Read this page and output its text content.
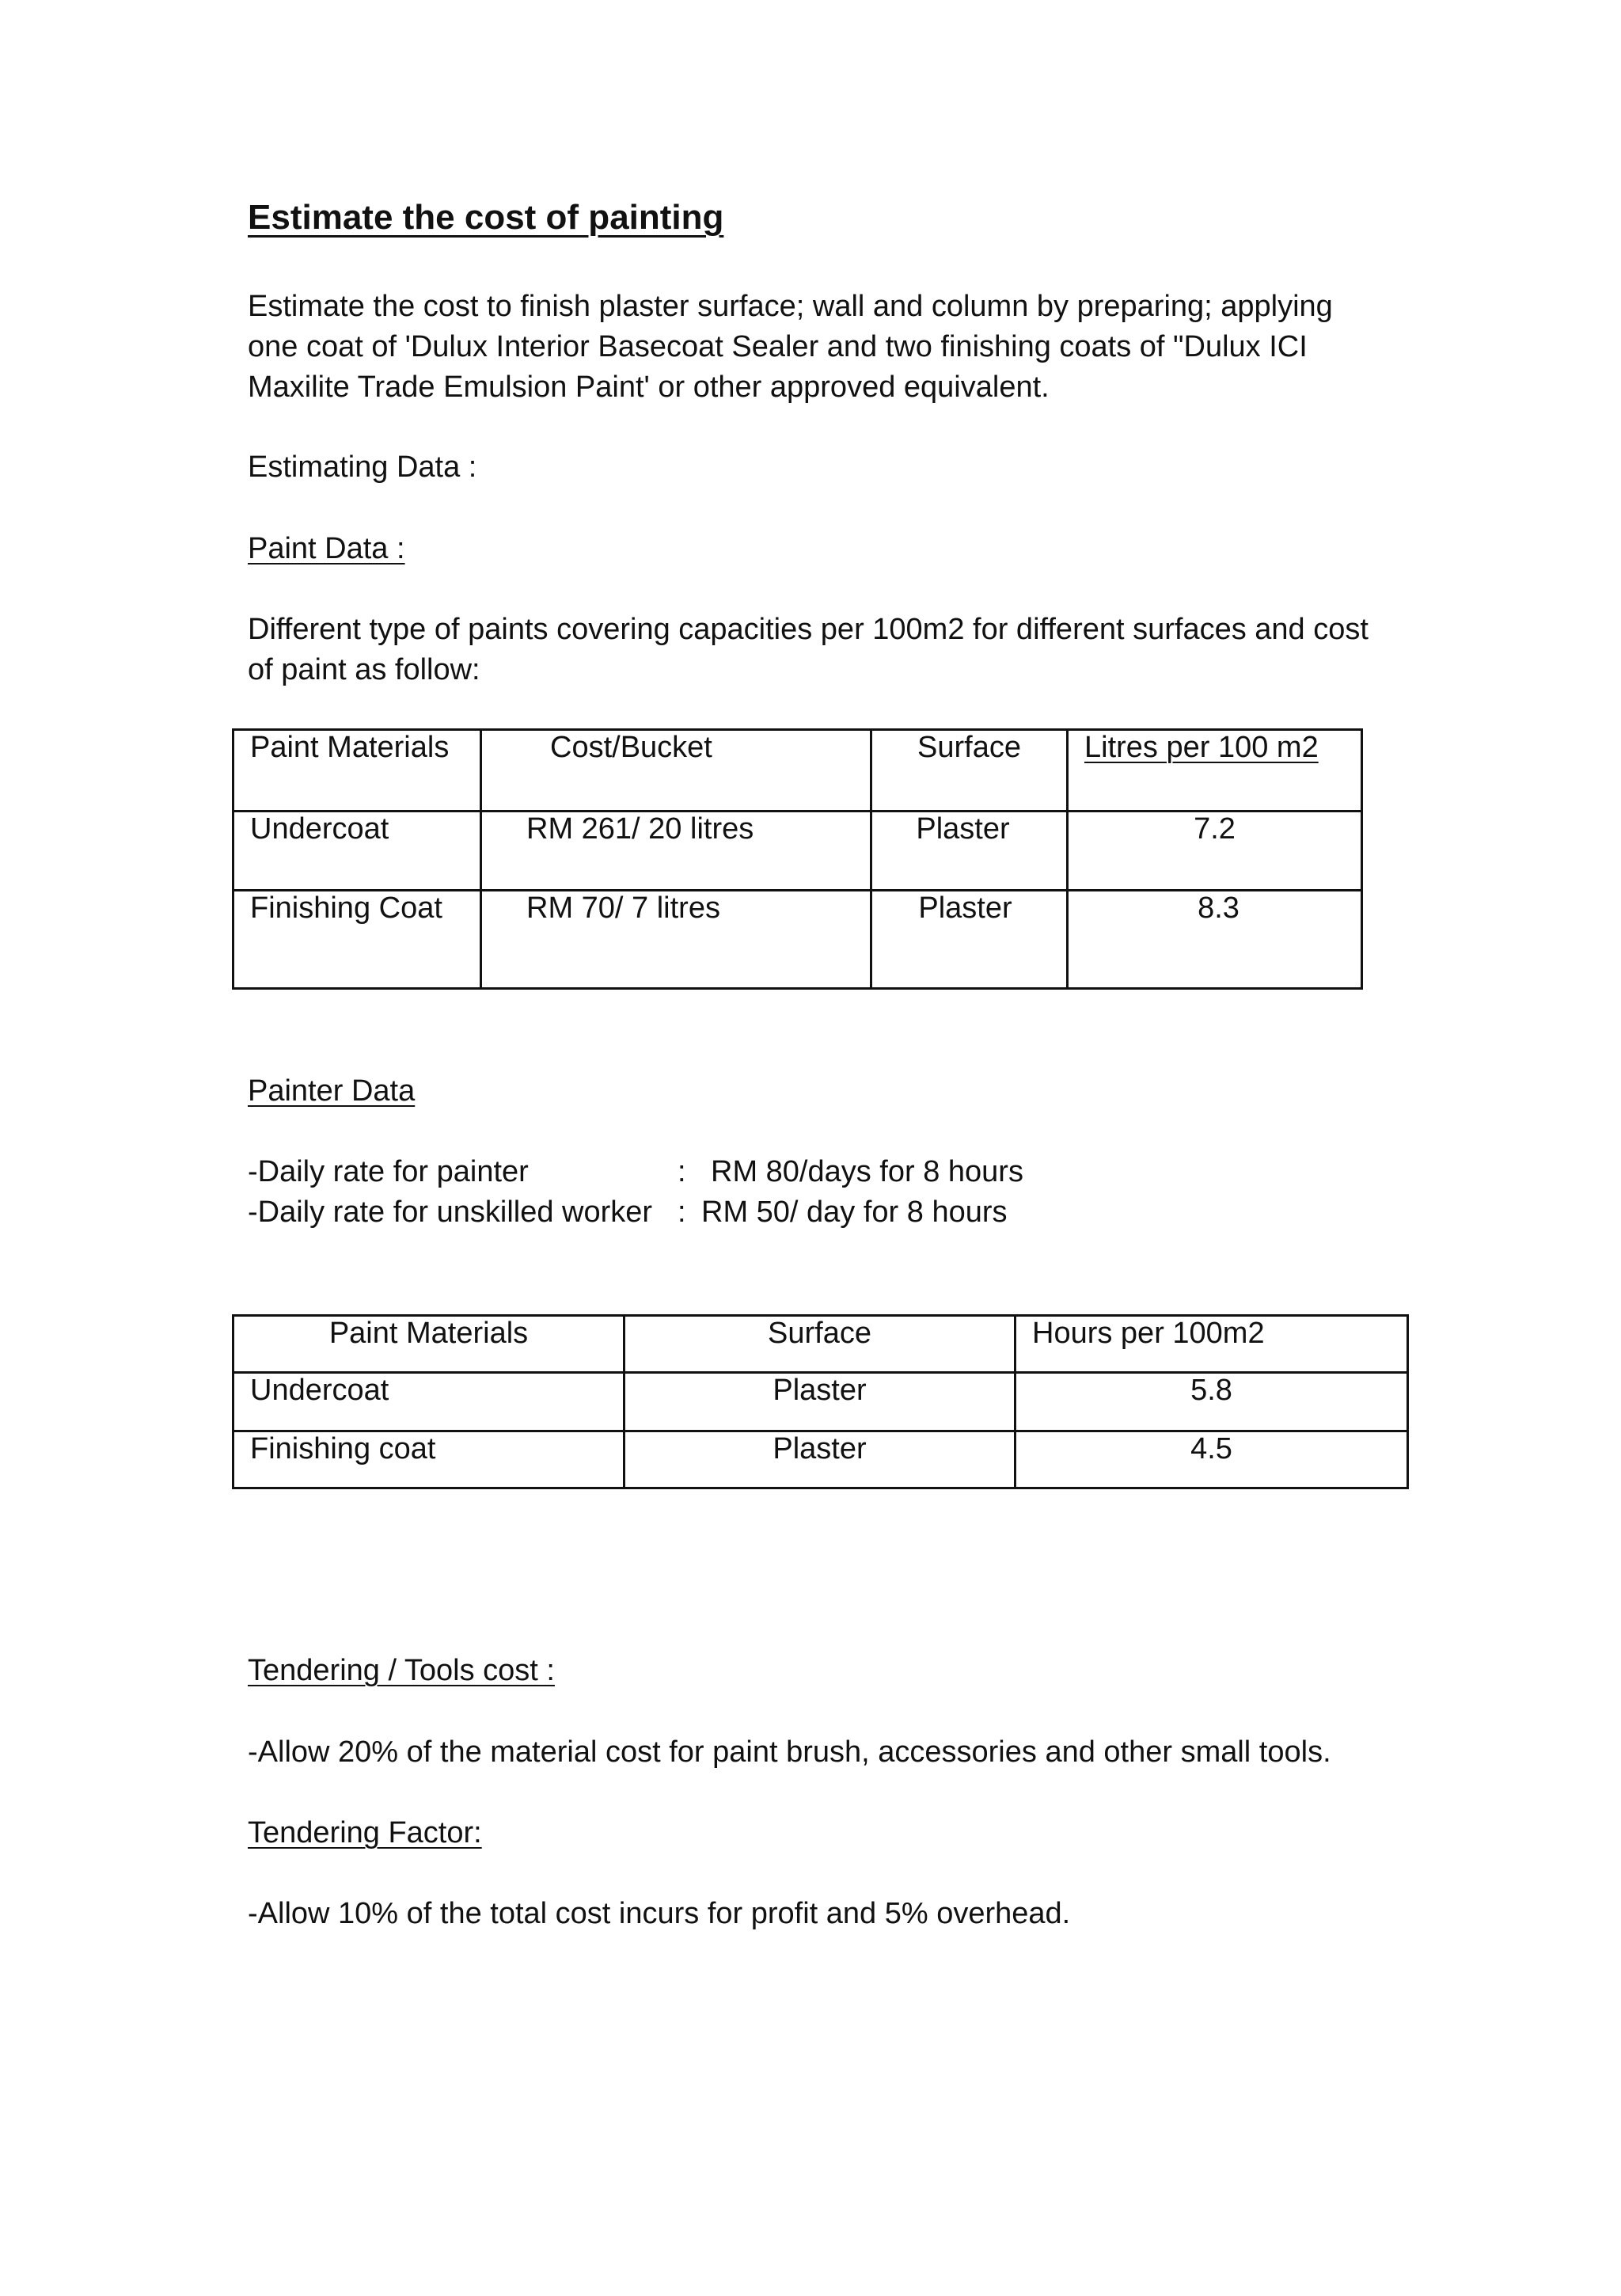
Estimate the cost of painting
Estimate the cost to finish plaster surface; wall and column by preparing; applying
one coat of 'Dulux Interior Basecoat Sealer and two finishing coats of "Dulux ICI
Maxilite Trade Emulsion Paint' or other approved equivalent.
Estimating Data :
Paint Data :
Different type of paints covering capacities per 100m2 for different surfaces and cost
of paint as follow:
Paint Materials	Cost/Bucket	Surface	Litres per 100 m2
Undercoat	RM 261/ 20 litres	Plaster	7.2
Finishing Coat	RM 70/ 7 litres	Plaster	8.3
Painter Data
-Daily rate for painter	: RM 80/days for 8 hours
-Daily rate for unskilled worker : RM 50/ day for 8 hours
Paint Materials	Surface	Hours per 100m2
Undercoat	Plaster	5.8
Finishing coat	Plaster	4.5
Tendering / Tools cost :
-Allow 20% of the material cost for paint brush, accessories and other small tools.
Tendering Factor:
-Allow 10% of the total cost incurs for profit and 5% overhead.
